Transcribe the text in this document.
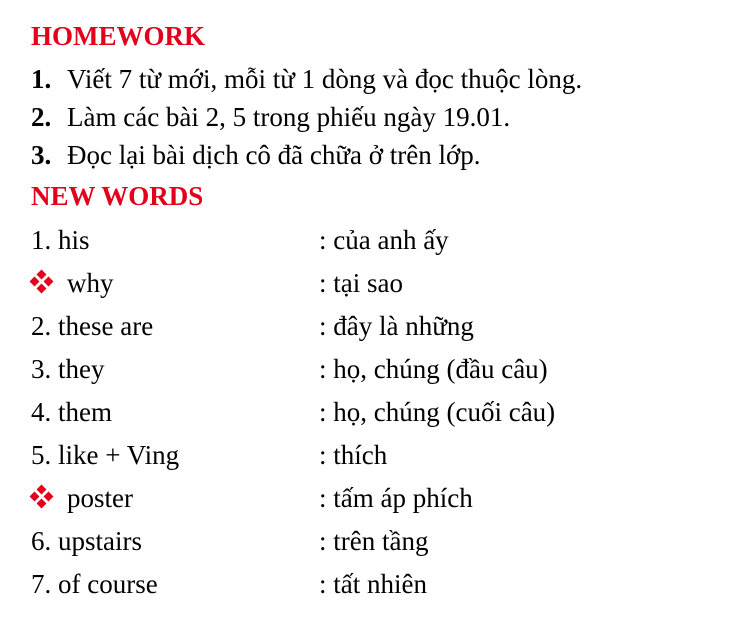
HOMEWORK
1. Viết 7 từ mới, mỗi từ 1 dòng và đọc thuộc lòng.
2. Làm các bài 2, 5 trong phiếu ngày 19.01.
3. Đọc lại bài dịch cô đã chữa ở trên lớp.
NEW WORDS
1. his	: của anh ấy
why	: tại sao
2. these are	: đây là những
3. they	: họ, chúng (đầu câu)
4. them	: họ, chúng (cuối câu)
5. like + Ving	: thích
poster	: tấm áp phích
6. upstairs	: trên tầng
7. of course	: tất nhiên
